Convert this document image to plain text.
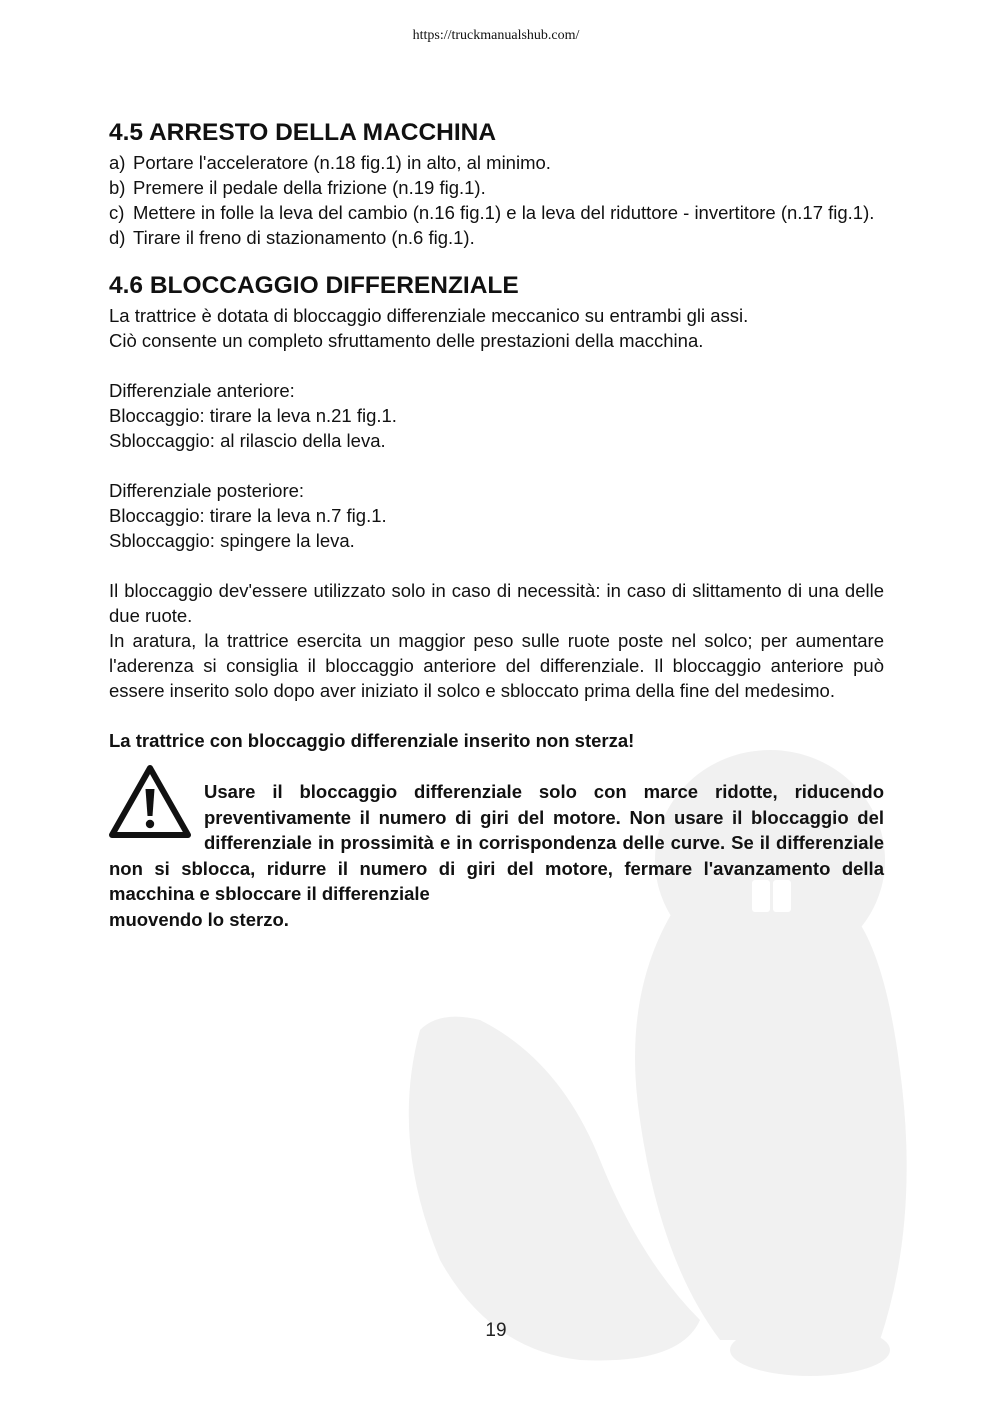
https://truckmanualshub.com/
4.5 ARRESTO DELLA MACCHINA
a) Portare l'acceleratore (n.18 fig.1) in alto, al minimo.
b) Premere il pedale della frizione (n.19 fig.1).
c) Mettere in folle la leva del cambio (n.16 fig.1) e la leva del riduttore - invertitore (n.17 fig.1).
d) Tirare il freno di stazionamento (n.6 fig.1).
4.6 BLOCCAGGIO DIFFERENZIALE

La trattrice è dotata di bloccaggio differenziale meccanico su entrambi gli assi.

Ciò consente un completo sfruttamento delle prestazioni della macchina.

Differenziale anteriore:

Bloccaggio: tirare la leva n.21 fig.1.

Sbloccaggio: al rilascio della leva.

Differenziale posteriore:

Bloccaggio: tirare la leva n.7 fig.1.

Sbloccaggio: spingere la leva.

Il bloccaggio dev'essere utilizzato solo in caso di necessità: in caso di slittamento di una delle due ruote.

In aratura, la trattrice esercita un maggior peso sulle ruote poste nel solco; per aumentare l'aderenza si consiglia il bloccaggio anteriore del differenziale. Il bloccaggio anteriore può essere inserito solo dopo aver iniziato il solco e sbloccato prima della fine del medesimo.

La trattrice con bloccaggio differenziale inserito non sterza!

Usare il bloccaggio differenziale solo con marce ridotte, riducendo preventivamente il numero di giri del motore. Non usare il bloccaggio del differenziale in prossimità e in corrispondenza delle curve. Se il differenziale non si sblocca, ridurre il numero di giri del motore, fermare l'avanzamento della macchina e sbloccare il differenziale
muovendo lo sterzo.
19
